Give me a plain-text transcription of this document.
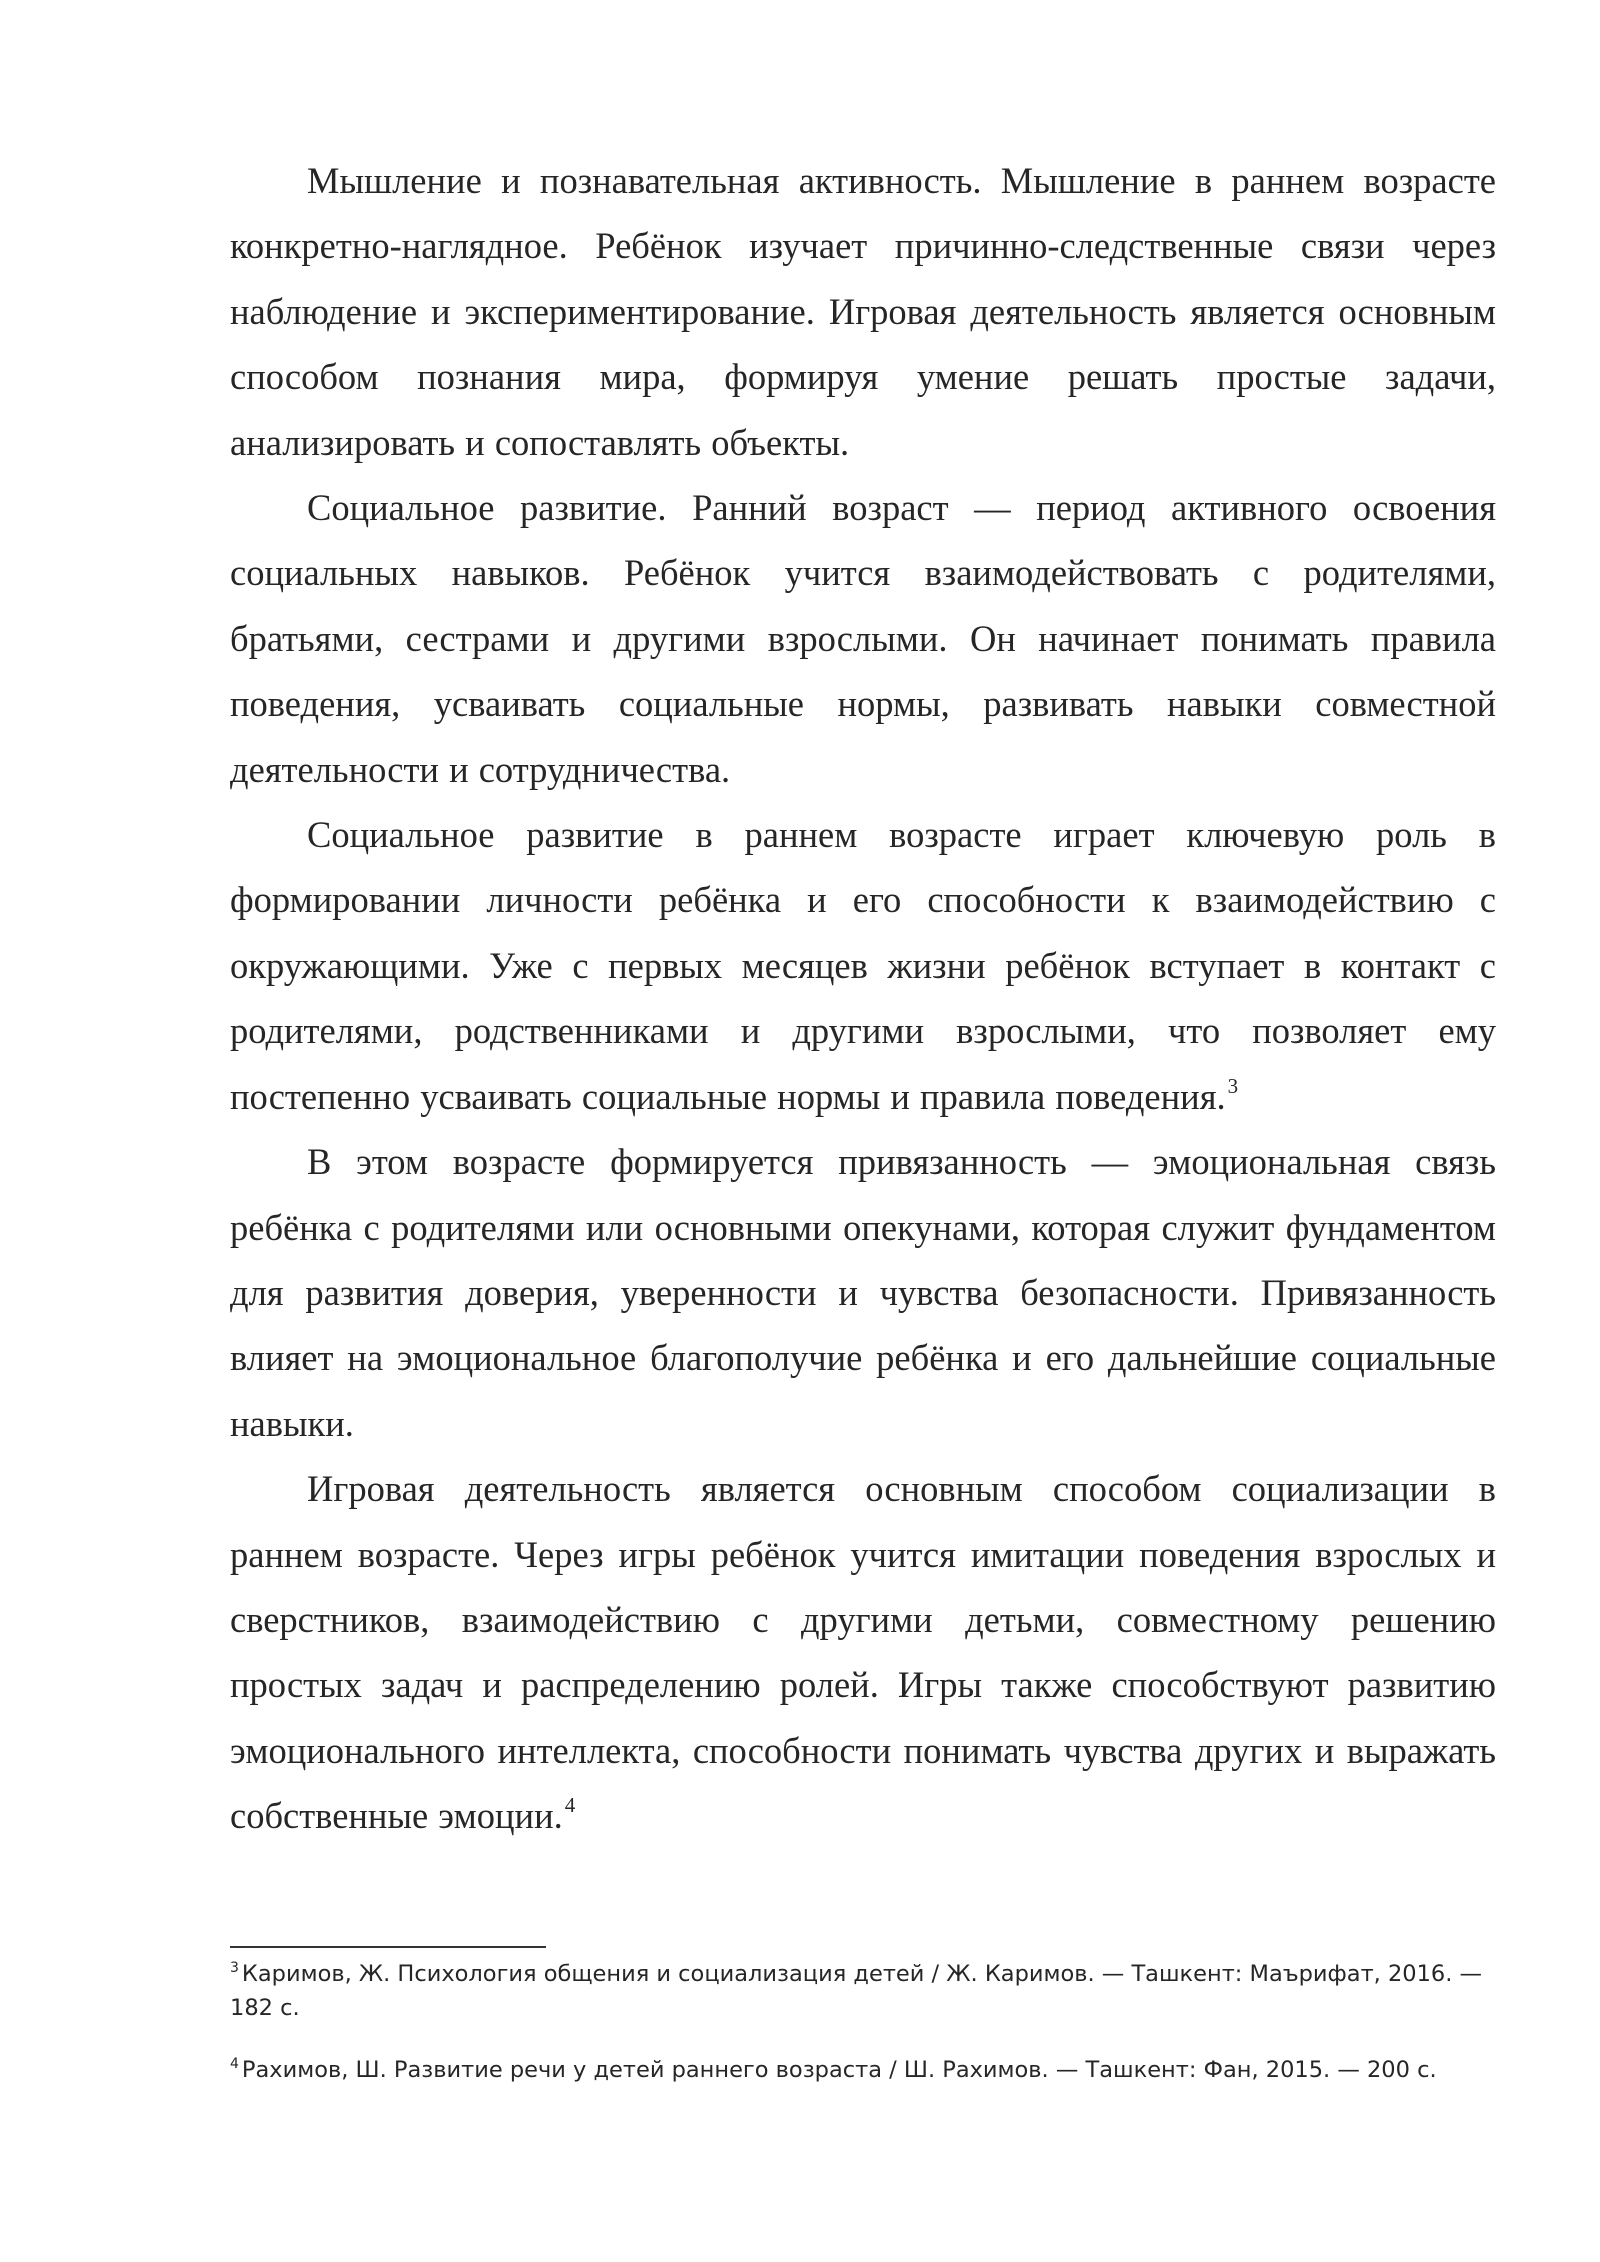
Мышление и познавательная активность. Мышление в раннем возрасте конкретно-наглядное. Ребёнок изучает причинно-следственные связи через наблюдение и экспериментирование. Игровая деятельность является основным способом познания мира, формируя умение решать простые задачи, анализировать и сопоставлять объекты.

Социальное развитие. Ранний возраст — период активного освоения социальных навыков. Ребёнок учится взаимодействовать с родителями, братьями, сестрами и другими взрослыми. Он начинает понимать правила поведения, усваивать социальные нормы, развивать навыки совместной деятельности и сотрудничества.

Социальное развитие в раннем возрасте играет ключевую роль в формировании личности ребёнка и его способности к взаимодействию с окружающими. Уже с первых месяцев жизни ребёнок вступает в контакт с родителями, родственниками и другими взрослыми, что позволяет ему постепенно усваивать социальные нормы и правила поведения.$^3$

В этом возрасте формируется привязанность — эмоциональная связь ребёнка с родителями или основными опекунами, которая служит фундаментом для развития доверия, уверенности и чувства безопасности. Привязанность влияет на эмоциональное благополучие ребёнка и его дальнейшие социальные навыки.

Игровая деятельность является основным способом социализации в раннем возрасте. Через игры ребёнок учится имитации поведения взрослых и сверстников, взаимодействию с другими детьми, совместному решению простых задач и распределению ролей. Игры также способствуют развитию эмоционального интеллекта, способности понимать чувства других и выражать собственные эмоции.$^4$

$^3$ Каримов, Ж. Психология общения и социализация детей / Ж. Каримов. — Ташкент: Маърифат, 2016. — 182 с.

$^4$ Рахимов, Ш. Развитие речи у детей раннего возраста / Ш. Рахимов. — Ташкент: Фан, 2015. — 200 с.
